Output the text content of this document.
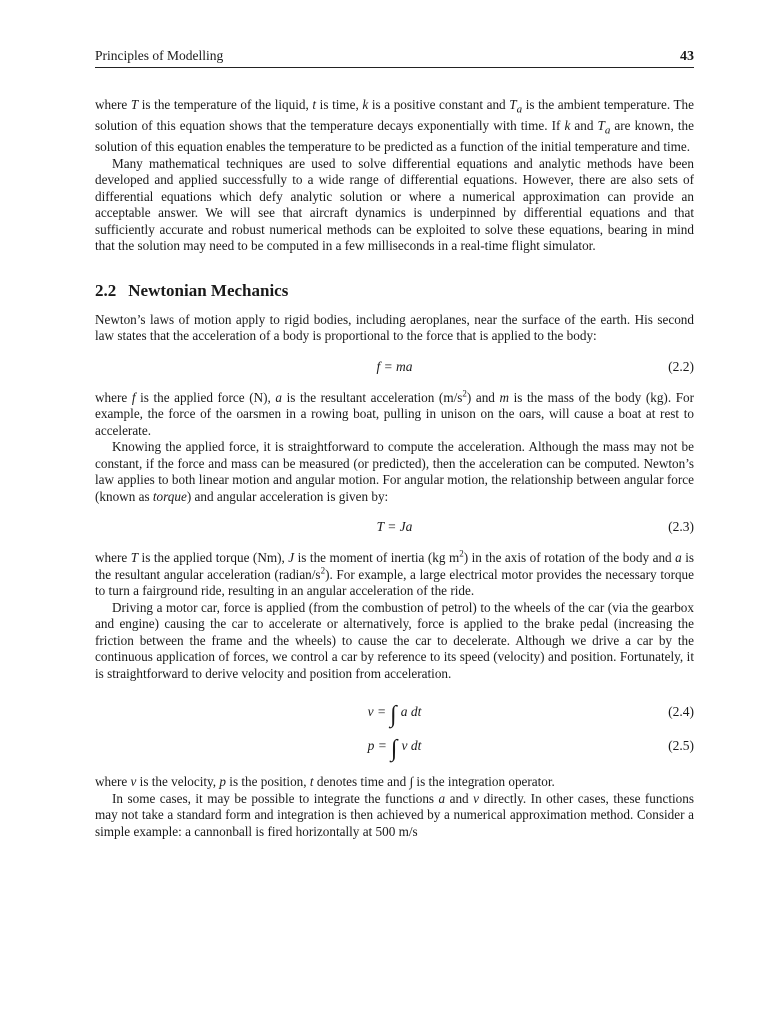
Principles of Modelling	43

where T is the temperature of the liquid, t is time, k is a positive constant and $T_a$ is the ambient temperature. The solution of this equation shows that the temperature decays exponentially with time. If k and $T_a$ are known, the solution of this equation enables the temperature to be predicted as a function of the initial temperature and time.

Many mathematical techniques are used to solve differential equations and analytic methods have been developed and applied successfully to a wide range of differential equations. However, there are also sets of differential equations which defy analytic solution or where a numerical approximation can provide an acceptable answer. We will see that aircraft dynamics is underpinned by differential equations and that sufficiently accurate and robust numerical methods can be exploited to solve these equations, bearing in mind that the solution may need to be computed in a few milliseconds in a real-time flight simulator.

2.2 Newtonian Mechanics

Newton’s laws of motion apply to rigid bodies, including aeroplanes, near the surface of the earth. His second law states that the acceleration of a body is proportional to the force that is applied to the body:

f = ma	(2.2)

where f is the applied force (N), a is the resultant acceleration $(m/s^2)$ and m is the mass of the body (kg). For example, the force of the oarsmen in a rowing boat, pulling in unison on the oars, will cause a boat at rest to accelerate.

Knowing the applied force, it is straightforward to compute the acceleration. Although the mass may not be constant, if the force and mass can be measured (or predicted), then the acceleration can be computed. Newton’s law applies to both linear motion and angular motion. For angular motion, the relationship between angular force (known as torque) and angular acceleration is given by:

T = Ja	(2.3)

where T is the applied torque (Nm), J is the moment of inertia (kg $m^2$) in the axis of rotation of the body and a is the resultant angular acceleration $(radian/s^2)$. For example, a large electrical motor provides the necessary torque to turn a fairground ride, resulting in an angular acceleration of the ride.

Driving a motor car, force is applied (from the combustion of petrol) to the wheels of the car (via the gearbox and engine) causing the car to accelerate or alternatively, force is applied to the brake pedal (increasing the friction between the frame and the wheels) to cause the car to decelerate. Although we drive a car by the continuous application of forces, we control a car by reference to its speed (velocity) and position. Fortunately, it is straightforward to derive velocity and position from acceleration.

v = ∫ a dt	(2.4)
p = ∫ v dt	(2.5)

where v is the velocity, p is the position, t denotes time and ∫ is the integration operator.

In some cases, it may be possible to integrate the functions a and v directly. In other cases, these functions may not take a standard form and integration is then achieved by a numerical approximation method. Consider a simple example: a cannonball is fired horizontally at 500 m/s
